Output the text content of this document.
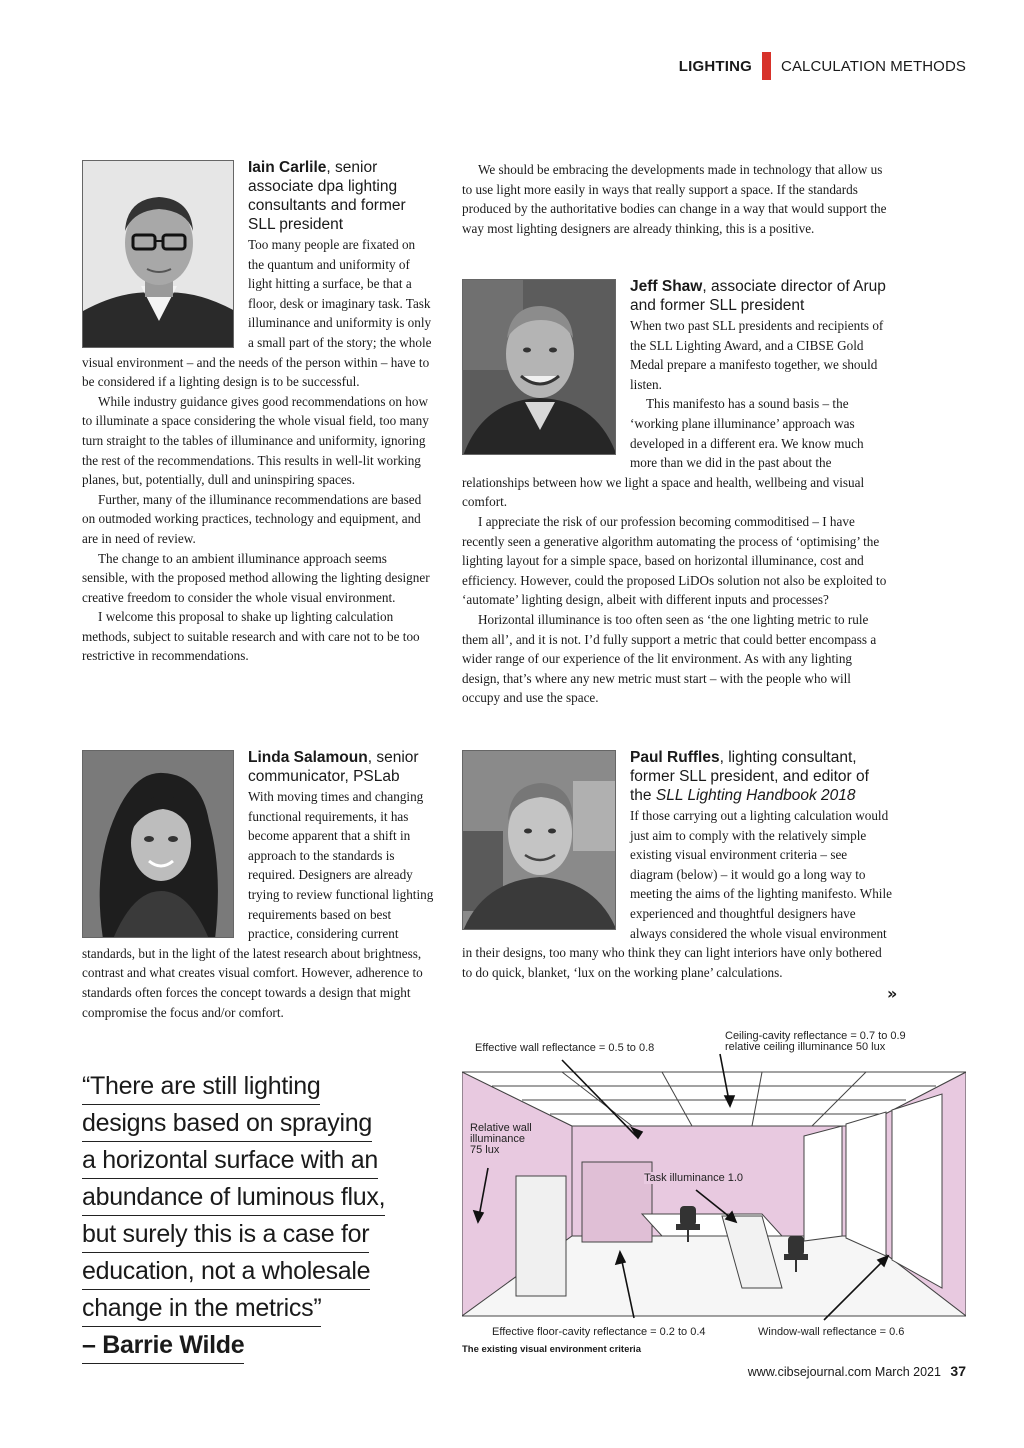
LIGHTING CALCULATION METHODS
Iain Carlile, senior associate dpa lighting consultants and former SLL president

Too many people are fixated on the quantum and uniformity of light hitting a surface, be that a floor, desk or imaginary task. Task illuminance and uniformity is only a small part of the story; the whole visual environment – and the needs of the person within – have to be considered if a lighting design is to be successful.

While industry guidance gives good recommendations on how to illuminate a space considering the whole visual field, too many turn straight to the tables of illuminance and uniformity, ignoring the rest of the recommendations. This results in well-lit working planes, but, potentially, dull and uninspiring spaces.

Further, many of the illuminance recommendations are based on outmoded working practices, technology and equipment, and are in need of review.

The change to an ambient illuminance approach seems sensible, with the proposed method allowing the lighting designer creative freedom to consider the whole visual environment.

I welcome this proposal to shake up lighting calculation methods, subject to suitable research and with care not to be too restrictive in recommendations.

Linda Salamoun, senior communicator, PSLab

With moving times and changing functional requirements, it has become apparent that a shift in approach to the standards is required. Designers are already trying to review functional lighting requirements based on best practice, considering current standards, but in the light of the latest research about brightness, contrast and what creates visual comfort. However, adherence to standards often forces the concept towards a design that might compromise the focus and/or comfort.

“There are still lighting
designs based on spraying
a horizontal surface with an
abundance of luminous flux,
but surely this is a case for
education, not a wholesale
change in the metrics”
– Barrie Wilde

We should be embracing the developments made in technology that allow us to use light more easily in ways that really support a space. If the standards produced by the authoritative bodies can change in a way that would support the way most lighting designers are already thinking, this is a positive.

Jeff Shaw, associate director of Arup and former SLL president

When two past SLL presidents and recipients of the SLL Lighting Award, and a CIBSE Gold Medal prepare a manifesto together, we should listen.

This manifesto has a sound basis – the ‘working plane illuminance’ approach was developed in a different era. We know much more than we did in the past about the relationships between how we light a space and health, wellbeing and visual comfort.

I appreciate the risk of our profession becoming commoditised – I have recently seen a generative algorithm automating the process of ‘optimising’ the lighting layout for a simple space, based on horizontal illuminance, cost and efficiency. However, could the proposed LiDOs solution not also be exploited to ‘automate’ lighting design, albeit with different inputs and processes?

Horizontal illuminance is too often seen as ‘the one lighting metric to rule them all’, and it is not. I’d fully support a metric that could better encompass a wider range of our experience of the lit environment. As with any lighting design, that’s where any new metric must start – with the people who will occupy and use the space.

Paul Ruffles, lighting consultant, former SLL president, and editor of the SLL Lighting Handbook 2018

If those carrying out a lighting calculation would just aim to comply with the relatively simple existing visual environment criteria – see diagram (below) – it would go a long way to meeting the aims of the lighting manifesto. While experienced and thoughtful designers have always considered the whole visual environment in their designs, too many who think they can light interiors have only bothered to do quick, blanket, ‘lux on the working plane’ calculations.

»
Effective wall reflectance = 0.5 to 0.8
Ceiling-cavity reflectance = 0.7 to 0.9
relative ceiling illuminance 50 lux
Relative wall
illuminance
75 lux
Task illuminance 1.0
Effective floor-cavity reflectance = 0.2 to 0.4	Window-wall reflectance = 0.6
The existing visual environment criteria
www.cibsejournal.com March 2021 37
